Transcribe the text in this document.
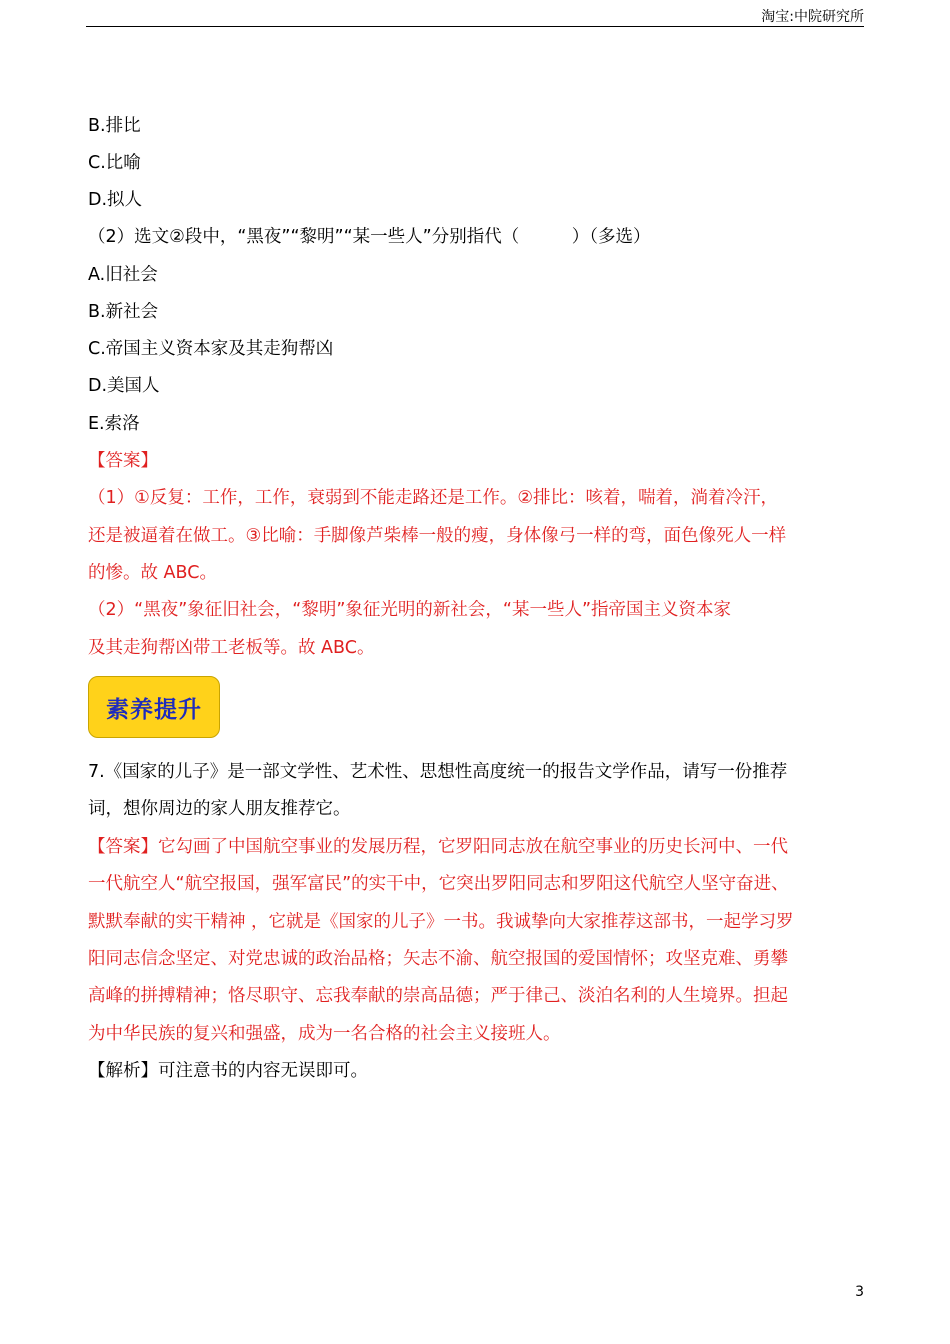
淘宝:中院研究所
B.排比
C.比喻
D.拟人
（2）选文②段中，“黑夜”“黎明”“某一些人”分别指代（　　　）（多选）
A.旧社会
B.新社会
C.帝国主义资本家及其走狗帮凶
D.美国人
E.索洛
【答案】
（1）①反复：工作，工作，衰弱到不能走路还是工作。②排比：咳着，喘着，淌着冷汗，
还是被逼着在做工。③比喻：手脚像芦柴棒一般的瘦，身体像弓一样的弯，面色像死人一样
的惨。故 ABC。
（2）“黑夜”象征旧社会，“黎明”象征光明的新社会，“某一些人”指帝国主义资本家
及其走狗帮凶带工老板等。故 ABC。
7.《国家的儿子》是一部文学性、艺术性、思想性高度统一的报告文学作品，请写一份推荐
词，想你周边的家人朋友推荐它。
【答案】它勾画了中国航空事业的发展历程，它罗阳同志放在航空事业的历史长河中、一代
一代航空人“航空报国，强军富民”的实干中，它突出罗阳同志和罗阳这代航空人坚守奋进、
默默奉献的实干精神 ，它就是《国家的儿子》一书。我诚挚向大家推荐这部书，一起学习罗
阳同志信念坚定、对党忠诚的政治品格；矢志不渝、航空报国的爱国情怀；攻坚克难、勇攀
高峰的拼搏精神；恪尽职守、忘我奉献的崇高品德；严于律己、淡泊名利的人生境界。担起
为中华民族的复兴和强盛，成为一名合格的社会主义接班人。
【解析】可注意书的内容无误即可。
素养提升
3
